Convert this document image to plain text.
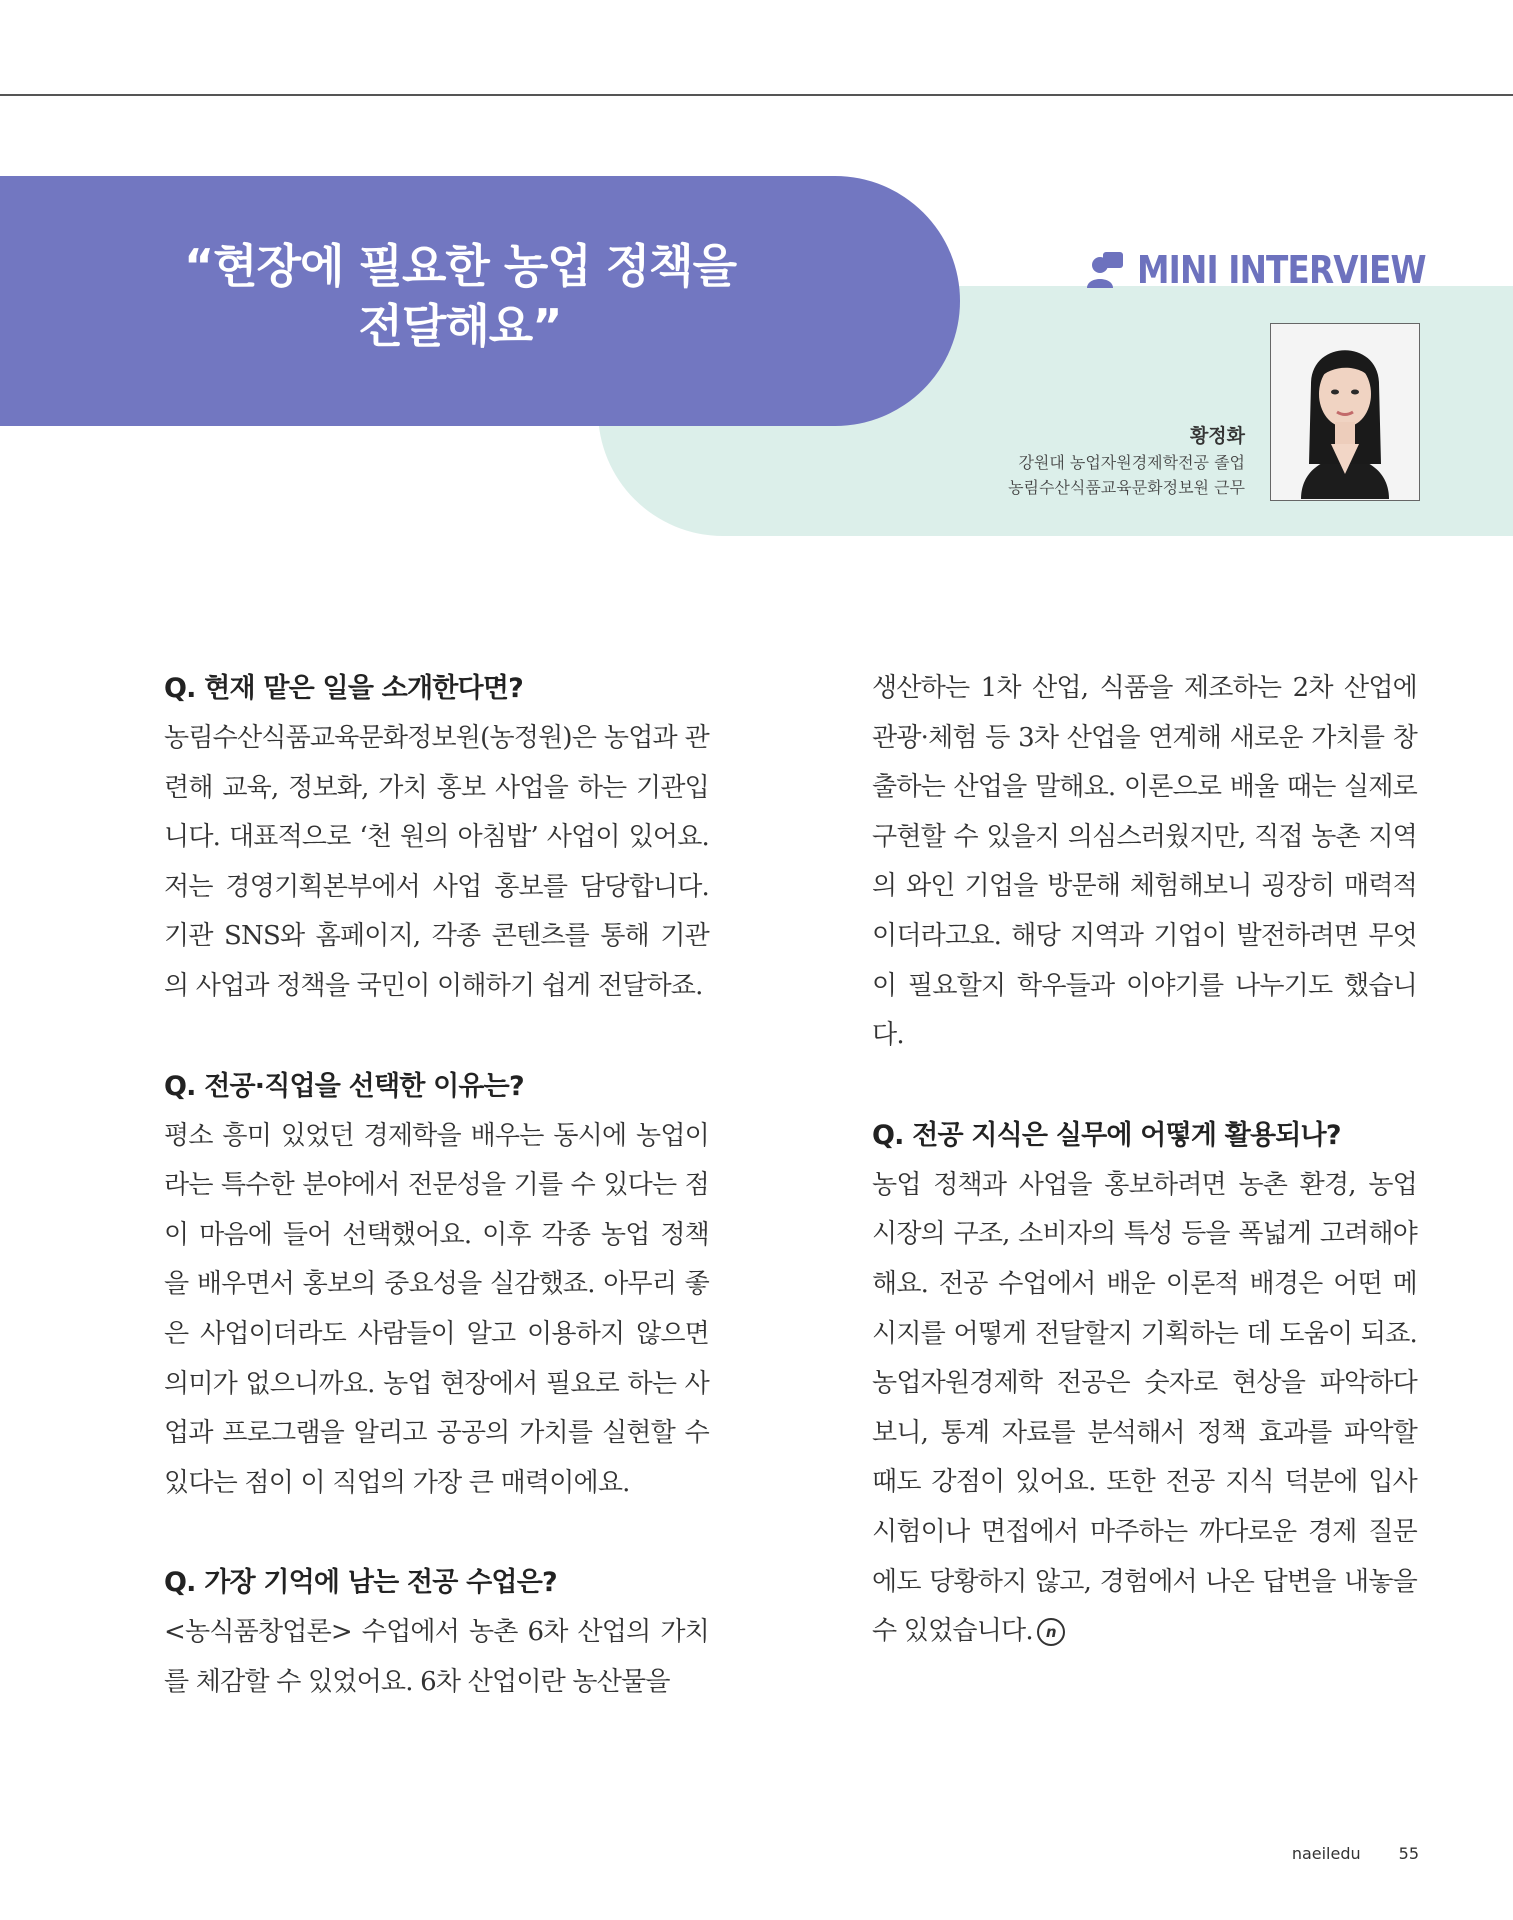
“현장에 필요한 농업 정책을
전달해요”
MINI INTERVIEW
황정화
강원대 농업자원경제학전공 졸업
농림수산식품교육문화정보원 근무

Q. 현재 맡은 일을 소개한다면?

농림수산식품교육문화정보원(농정원)은 농업과 관련해 교육, 정보화, 가치 홍보 사업을 하는 기관입니다. 대표적으로 ‘천 원의 아침밥’ 사업이 있어요. 저는 경영기획본부에서 사업 홍보를 담당합니다. 기관 SNS와 홈페이지, 각종 콘텐츠를 통해 기관의 사업과 정책을 국민이 이해하기 쉽게 전달하죠.

Q. 전공·직업을 선택한 이유는?

평소 흥미 있었던 경제학을 배우는 동시에 농업이라는 특수한 분야에서 전문성을 기를 수 있다는 점이 마음에 들어 선택했어요. 이후 각종 농업 정책을 배우면서 홍보의 중요성을 실감했죠. 아무리 좋은 사업이더라도 사람들이 알고 이용하지 않으면 의미가 없으니까요. 농업 현장에서 필요로 하는 사업과 프로그램을 알리고 공공의 가치를 실현할 수 있다는 점이 이 직업의 가장 큰 매력이에요.

Q. 가장 기억에 남는 전공 수업은?

<농식품창업론> 수업에서 농촌 6차 산업의 가치를 체감할 수 있었어요. 6차 산업이란 농산물을

생산하는 1차 산업, 식품을 제조하는 2차 산업에 관광·체험 등 3차 산업을 연계해 새로운 가치를 창출하는 산업을 말해요. 이론으로 배울 때는 실제로 구현할 수 있을지 의심스러웠지만, 직접 농촌 지역의 와인 기업을 방문해 체험해보니 굉장히 매력적이더라고요. 해당 지역과 기업이 발전하려면 무엇이 필요할지 학우들과 이야기를 나누기도 했습니다.

Q. 전공 지식은 실무에 어떻게 활용되나?

농업 정책과 사업을 홍보하려면 농촌 환경, 농업 시장의 구조, 소비자의 특성 등을 폭넓게 고려해야 해요. 전공 수업에서 배운 이론적 배경은 어떤 메시지를 어떻게 전달할지 기획하는 데 도움이 되죠. 농업자원경제학 전공은 숫자로 현상을 파악하다 보니, 통계 자료를 분석해서 정책 효과를 파악할 때도 강점이 있어요. 또한 전공 지식 덕분에 입사 시험이나 면접에서 마주하는 까다로운 경제 질문에도 당황하지 않고, 경험에서 나온 답변을 내놓을 수 있었습니다. n

naeiledu 55
